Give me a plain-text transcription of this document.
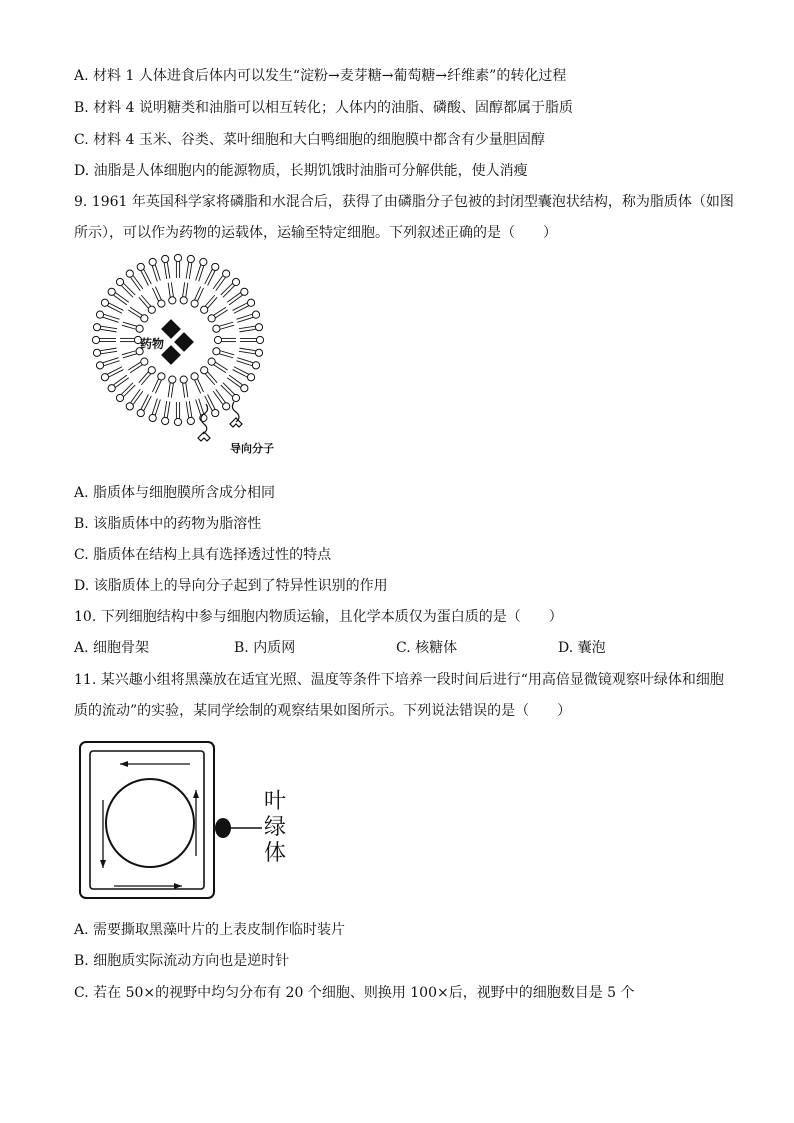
A. 材料 1 人体进食后体内可以发生“淀粉→麦芽糖→葡萄糖→纤维素”的转化过程
B. 材料 4 说明糖类和油脂可以相互转化；人体内的油脂、磷酸、固醇都属于脂质
C. 材料 4 玉米、谷类、菜叶细胞和大白鸭细胞的细胞膜中都含有少量胆固醇
D. 油脂是人体细胞内的能源物质，长期饥饿时油脂可分解供能，使人消瘦
9. 1961 年英国科学家将磷脂和水混合后，获得了由磷脂分子包被的封闭型囊泡状结构，称为脂质体（如图
所示），可以作为药物的运载体，运输至特定细胞。下列叙述正确的是（　　）
药物
导向分子
A. 脂质体与细胞膜所含成分相同
B. 该脂质体中的药物为脂溶性
C. 脂质体在结构上具有选择透过性的特点
D. 该脂质体上的导向分子起到了特异性识别的作用
10. 下列细胞结构中参与细胞内物质运输，且化学本质仅为蛋白质的是（　　）
A. 细胞骨架	B. 内质网	C. 核糖体	D. 囊泡
11. 某兴趣小组将黑藻放在适宜光照、温度等条件下培养一段时间后进行“用高倍显微镜观察叶绿体和细胞
质的流动”的实验，某同学绘制的观察结果如图所示。下列说法错误的是（　　）
叶
绿
体
A. 需要撕取黑藻叶片的上表皮制作临时装片
B. 细胞质实际流动方向也是逆时针
C. 若在 50×的视野中均匀分布有 20 个细胞、则换用 100×后，视野中的细胞数目是 5 个
